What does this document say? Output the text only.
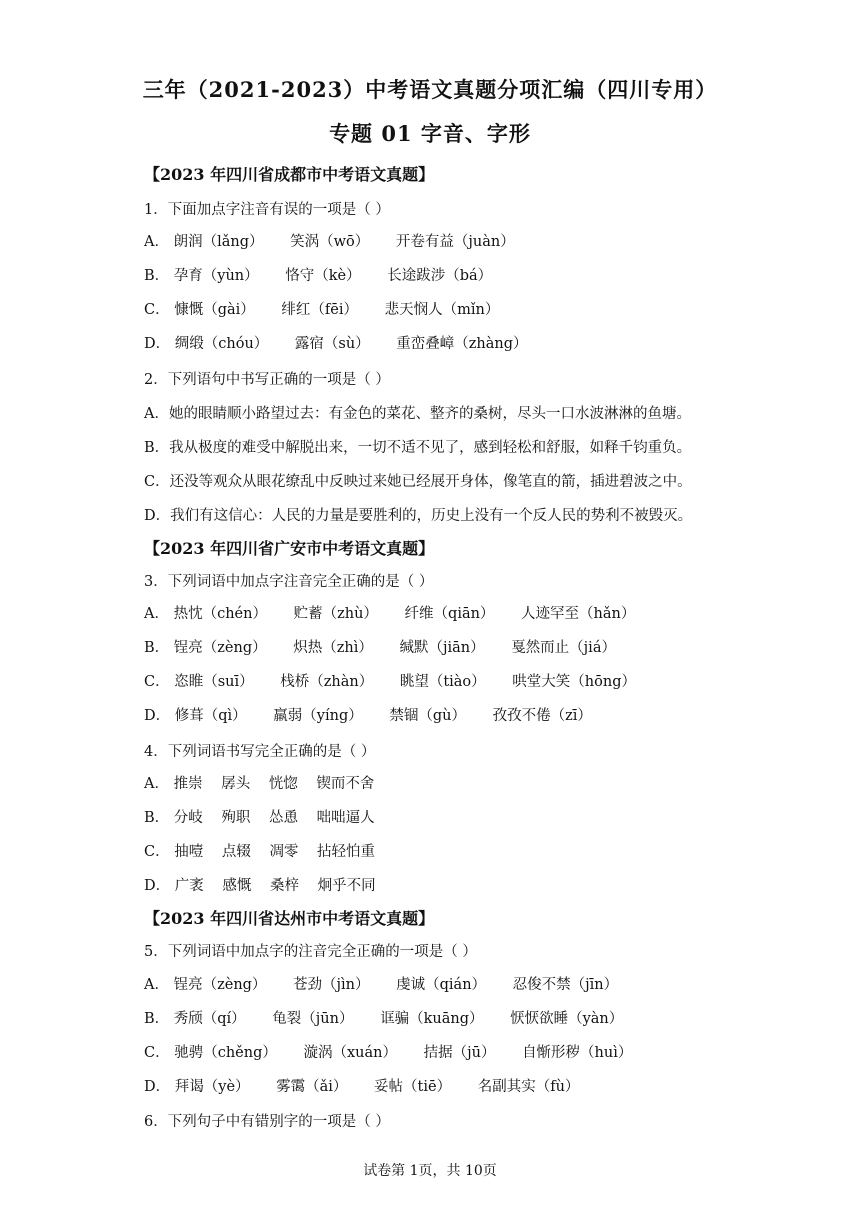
三年（2021-2023）中考语文真题分项汇编（四川专用）
专题 01 字音、字形
【2023 年四川省成都市中考语文真题】
1．下面加点字注音有误的一项是（ ）
A． 朗润（lǎng） 笑涡（wō） 开卷有益（juàn）
B． 孕育（yùn） 恪守（kè） 长途跋涉（bá）
C． 慷慨（gài） 绯红（fēi） 悲天悯人（mǐn）
D． 绸缎（chóu） 露宿（sù） 重峦叠嶂（zhàng）
2．下列语句中书写正确的一项是（ ）
A．她的眼睛顺小路望过去：有金色的菜花、整齐的桑树，尽头一口水波淋淋的鱼塘。
B．我从极度的难受中解脱出来，一切不适不见了，感到轻松和舒服，如释千钧重负。
C．还没等观众从眼花缭乱中反映过来她已经展开身体，像笔直的箭，插进碧波之中。
D．我们有这信心：人民的力量是要胜利的，历史上没有一个反人民的势利不被毁灭。
【2023 年四川省广安市中考语文真题】
3．下列词语中加点字注音完全正确的是（ ）
A． 热忱（chén） 贮蓄（zhù） 纤维（qiān） 人迹罕至（hǎn）
B． 锃亮（zèng） 炽热（zhì） 缄默（jiān） 戛然而止（jiá）
C． 恣睢（suī） 栈桥（zhàn） 眺望（tiào） 哄堂大笑（hōng）
D． 修葺（qì） 羸弱（yíng） 禁锢（gù） 孜孜不倦（zī）
4．下列词语书写完全正确的是（ ）
A． 推崇 孱头 恍惚 锲而不舍
B． 分岐 殉职 怂恿 咄咄逼人
C． 抽噎 点辍 凋零 拈轻怕重
D． 广袤 感慨 桑梓 炯乎不同
【2023 年四川省达州市中考语文真题】
5．下列词语中加点字的注音完全正确的一项是（ ）
A． 锃亮（zèng） 苍劲（jìn） 虔诚（qián） 忍俊不禁（jīn）
B． 秀颀（qí） 龟裂（jūn） 诓骗（kuāng） 恹恹欲睡（yàn）
C． 驰骋（chěng） 漩涡（xuán） 拮据（jū） 自惭形秽（huì）
D． 拜谒（yè） 雾霭（ǎi） 妥帖（tiē） 名副其实（fù）
6．下列句子中有错别字的一项是（ ）
试卷第 1页，共 10页
